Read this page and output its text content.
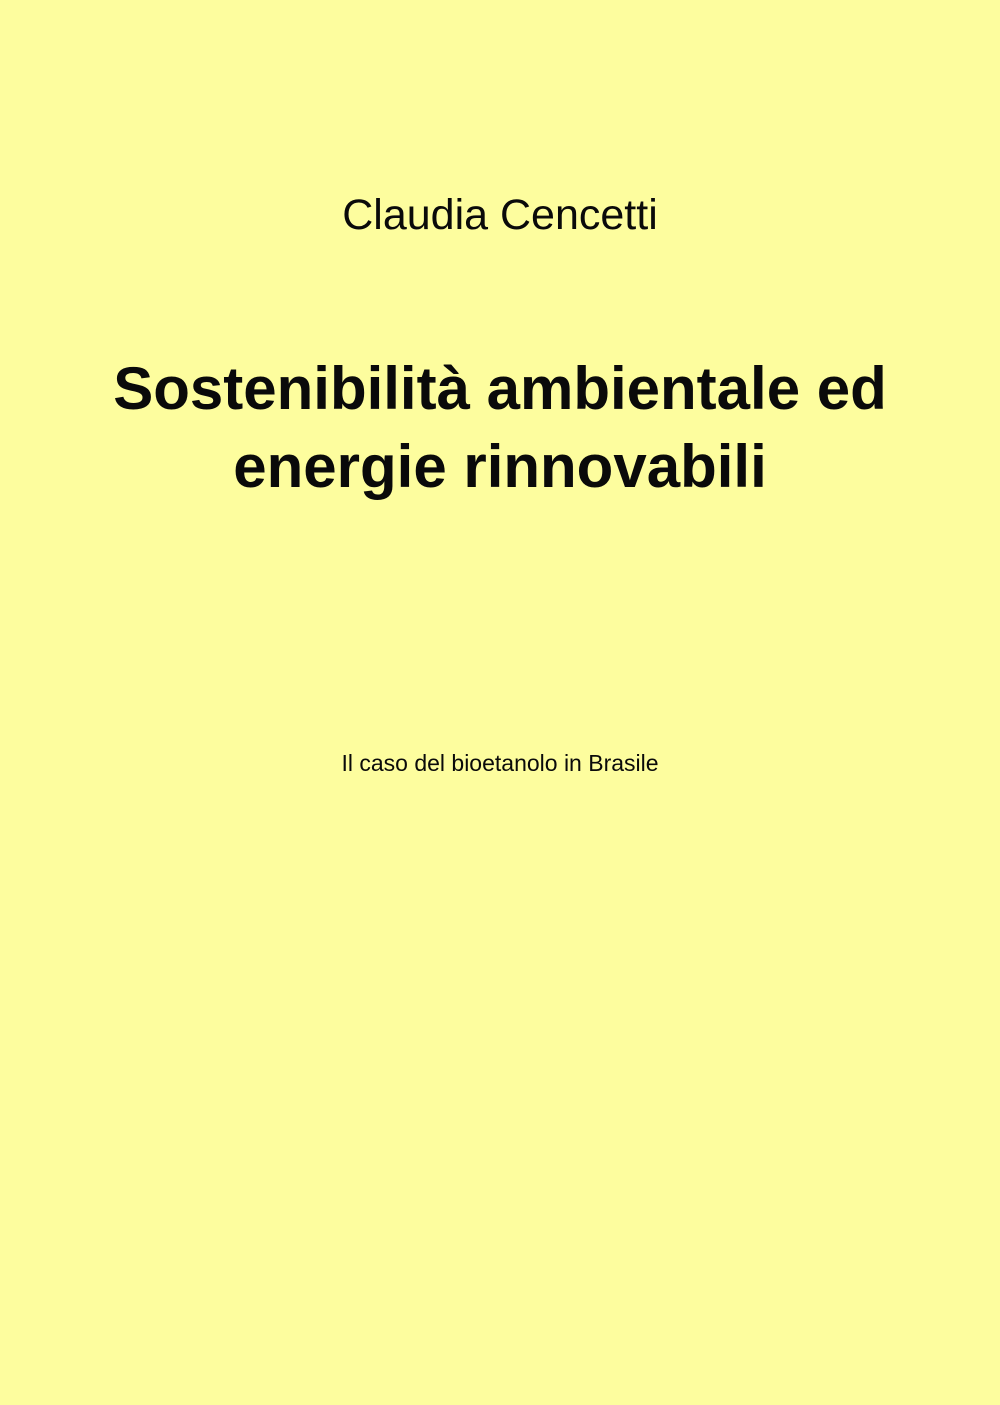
Claudia Cencetti
Sostenibilità ambientale ed energie rinnovabili
Il caso del bioetanolo in Brasile
